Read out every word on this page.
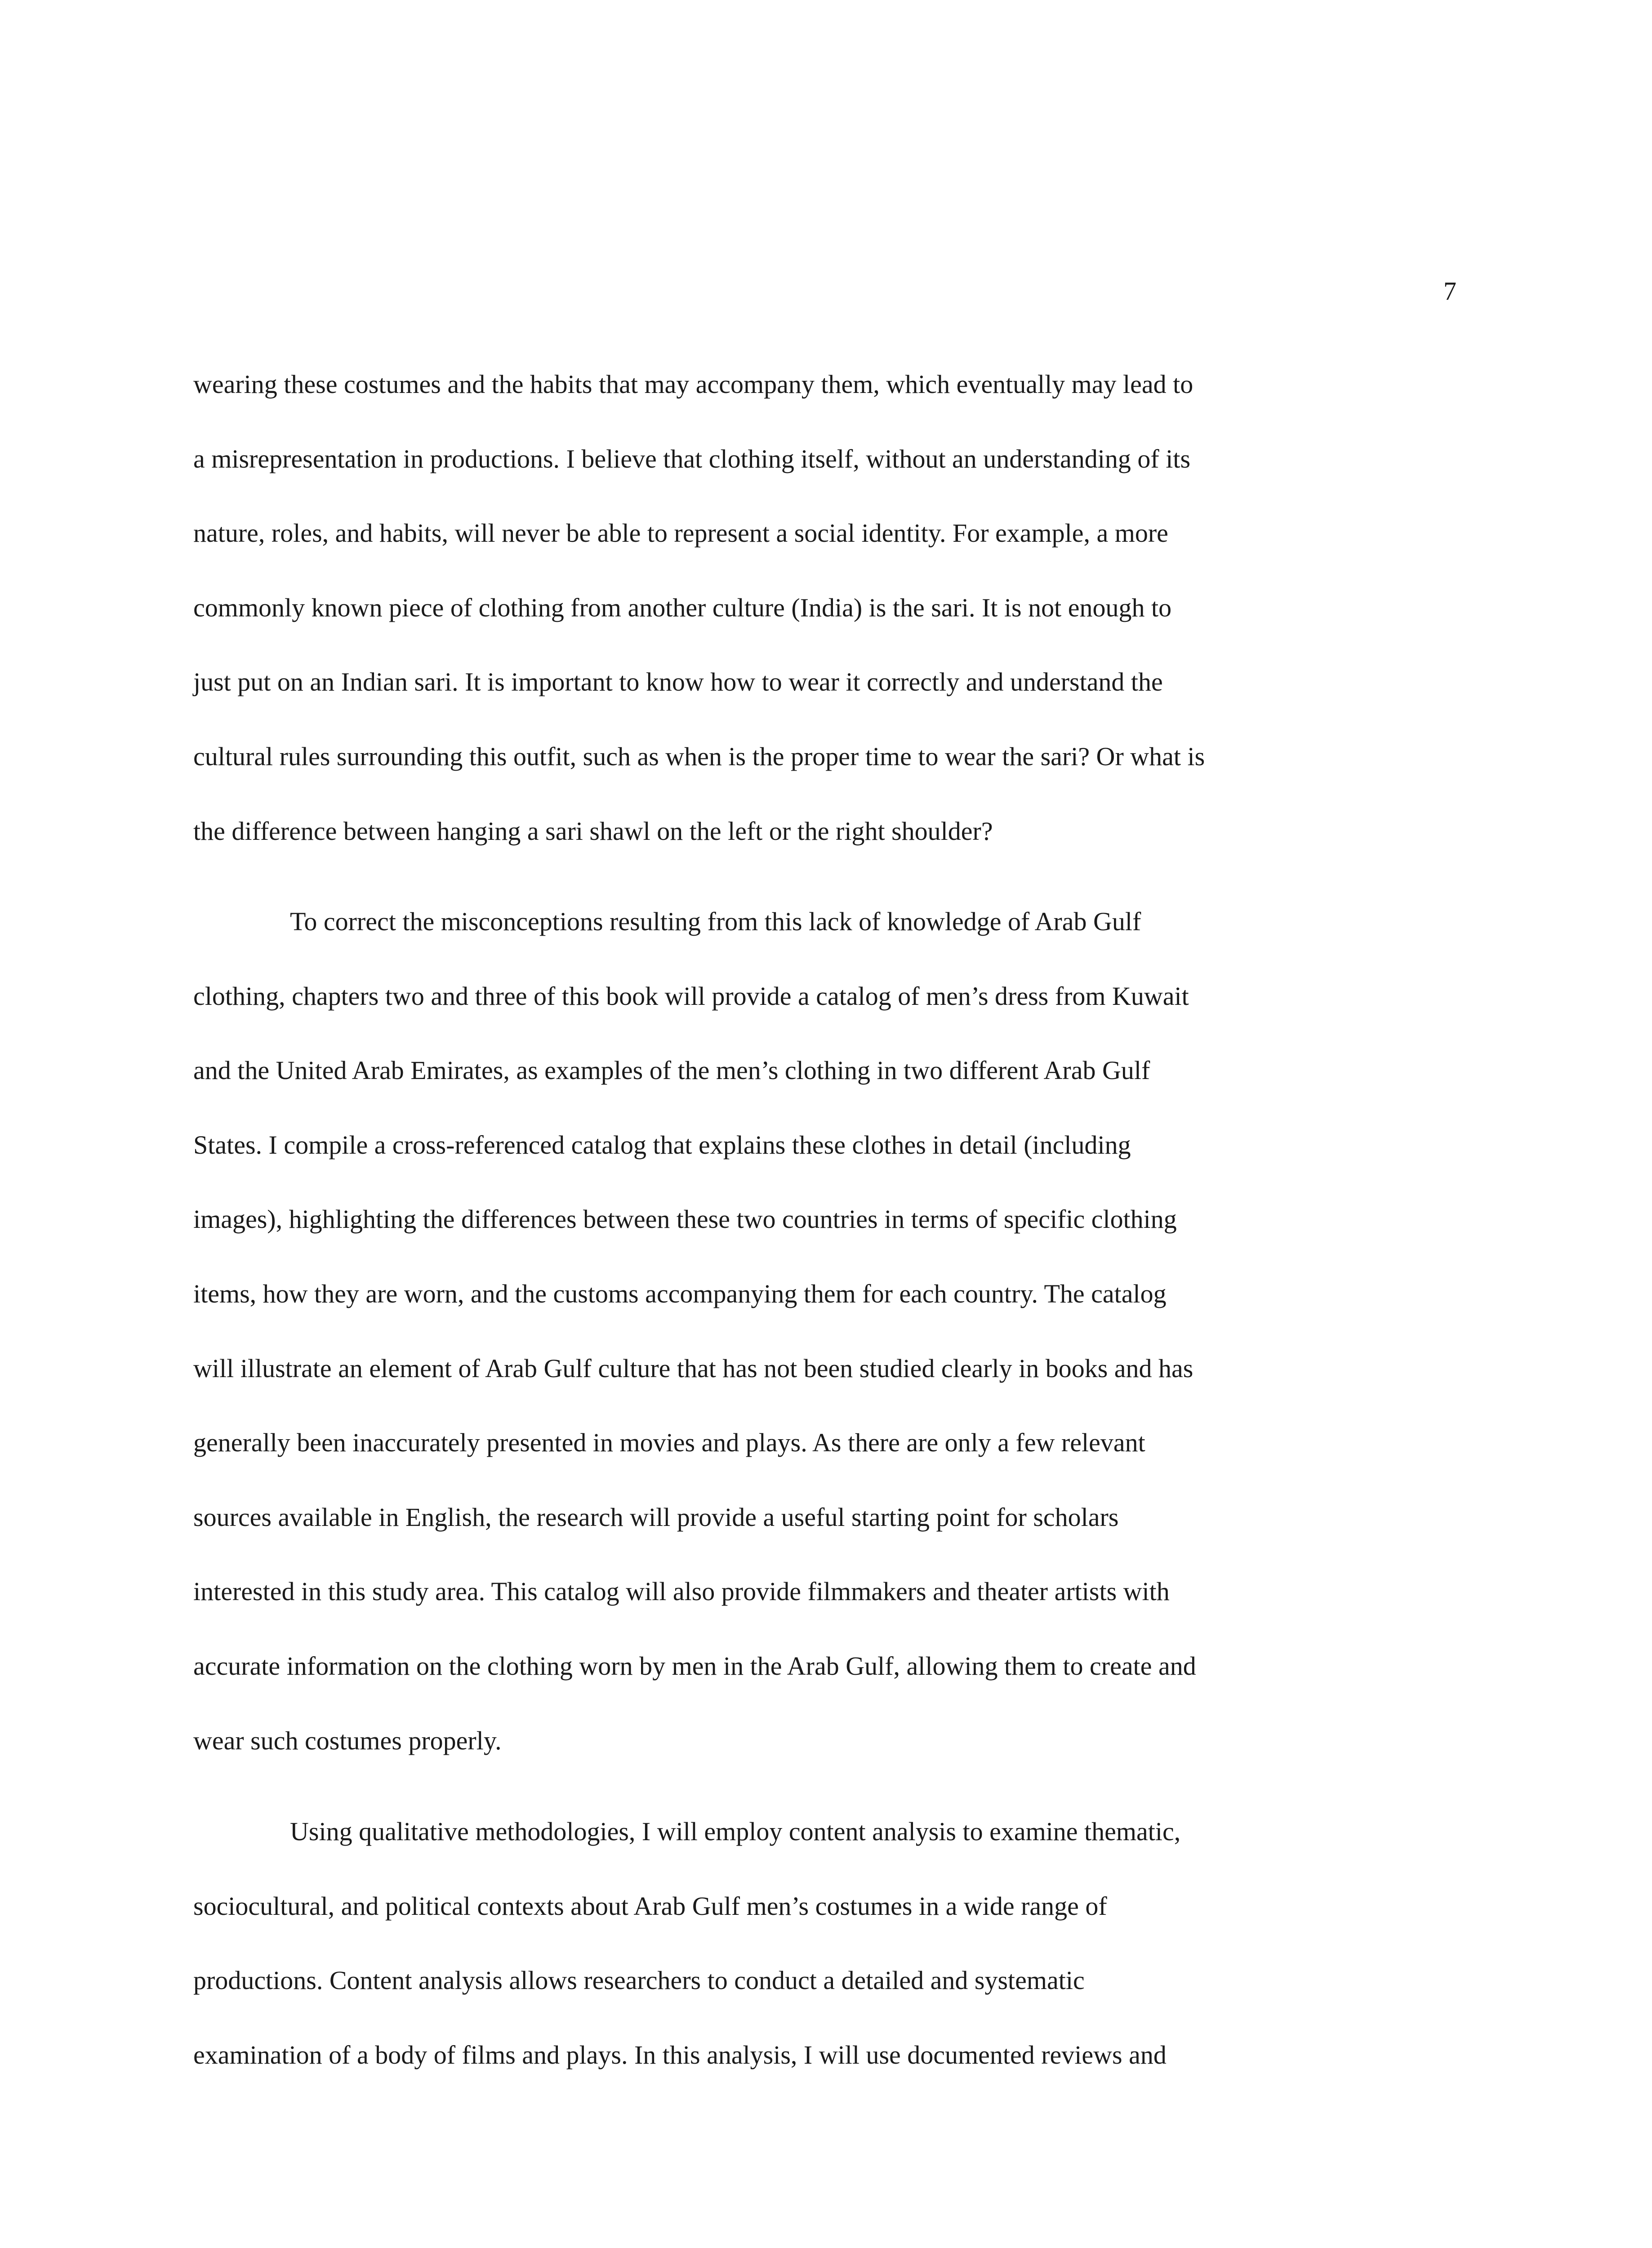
7
wearing these costumes and the habits that may accompany them, which eventually may lead to
a misrepresentation in productions. I believe that clothing itself, without an understanding of its
nature, roles, and habits, will never be able to represent a social identity. For example, a more
commonly known piece of clothing from another culture (India) is the sari. It is not enough to
just put on an Indian sari. It is important to know how to wear it correctly and understand the
cultural rules surrounding this outfit, such as when is the proper time to wear the sari? Or what is
the difference between hanging a sari shawl on the left or the right shoulder?
To correct the misconceptions resulting from this lack of knowledge of Arab Gulf
clothing, chapters two and three of this book will provide a catalog of men’s dress from Kuwait
and the United Arab Emirates, as examples of the men’s clothing in two different Arab Gulf
States. I compile a cross-referenced catalog that explains these clothes in detail (including
images), highlighting the differences between these two countries in terms of specific clothing
items, how they are worn, and the customs accompanying them for each country. The catalog
will illustrate an element of Arab Gulf culture that has not been studied clearly in books and has
generally been inaccurately presented in movies and plays. As there are only a few relevant
sources available in English, the research will provide a useful starting point for scholars
interested in this study area. This catalog will also provide filmmakers and theater artists with
accurate information on the clothing worn by men in the Arab Gulf, allowing them to create and
wear such costumes properly.
Using qualitative methodologies, I will employ content analysis to examine thematic,
sociocultural, and political contexts about Arab Gulf men’s costumes in a wide range of
productions. Content analysis allows researchers to conduct a detailed and systematic
examination of a body of films and plays. In this analysis, I will use documented reviews and
